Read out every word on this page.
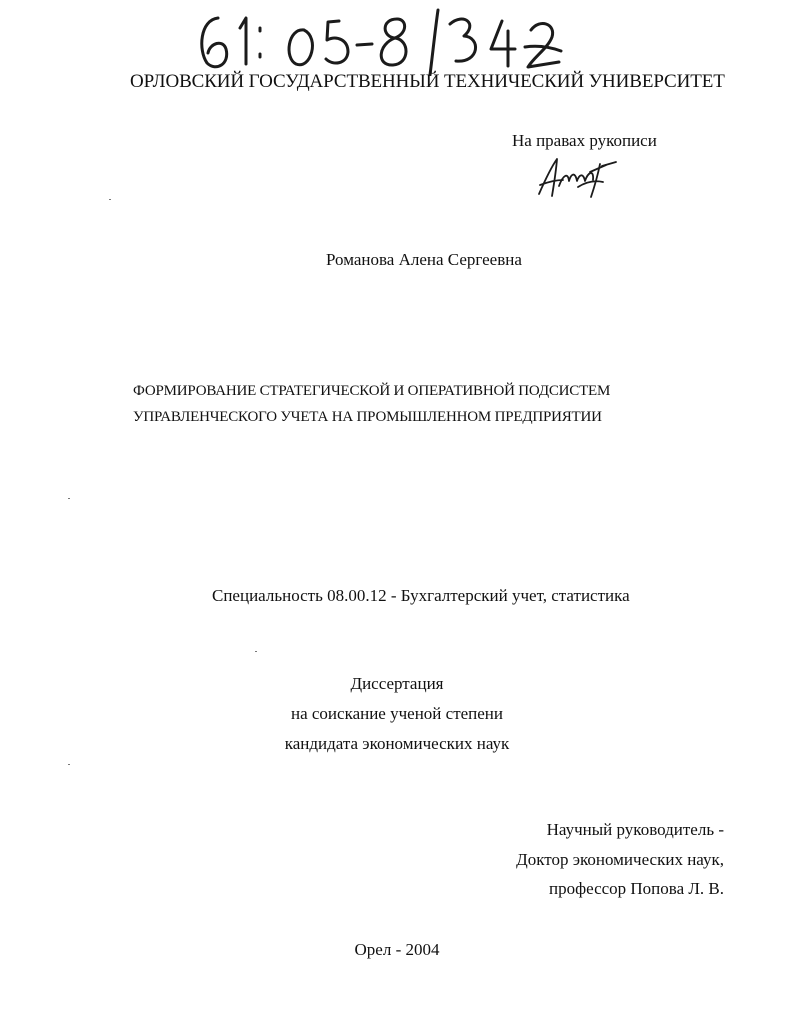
ОРЛОВСКИЙ ГОСУДАРСТВЕННЫЙ ТЕХНИЧЕСКИЙ УНИВЕРСИТЕТ
На правах рукописи
Романова Алена Сергеевна
ФОРМИРОВАНИЕ СТРАТЕГИЧЕСКОЙ И ОПЕРАТИВНОЙ ПОДСИСТЕМ
УПРАВЛЕНЧЕСКОГО УЧЕТА НА ПРОМЫШЛЕННОМ ПРЕДПРИЯТИИ
Специальность 08.00.12 - Бухгалтерский учет, статистика
Диссертация
на соискание ученой степени
кандидата экономических наук
Научный руководитель -
Доктор экономических наук,
профессор Попова Л. В.
Орел - 2004
